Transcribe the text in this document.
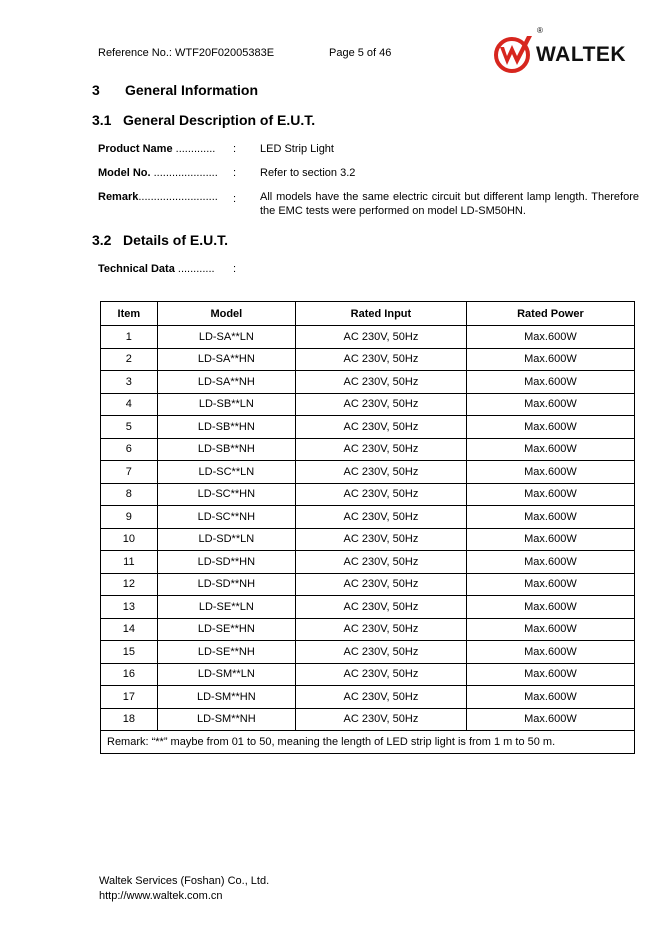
Reference No.: WTF20F02005383E	Page 5 of 46
®
WALTEK
3 General Information
3.1 General Description of E.U.T.
Product Name ............. : LED Strip Light
Model No. ..................... : Refer to section 3.2
Remark.......................... : All models have the same electric circuit but different lamp length. Therefore the EMC tests were performed on model LD-SM50HN.
3.2 Details of E.U.T.
Technical Data ............ :
Item	Model	Rated Input	Rated Power
1	LD-SA**LN	AC 230V, 50Hz	Max.600W
2	LD-SA**HN	AC 230V, 50Hz	Max.600W
3	LD-SA**NH	AC 230V, 50Hz	Max.600W
4	LD-SB**LN	AC 230V, 50Hz	Max.600W
5	LD-SB**HN	AC 230V, 50Hz	Max.600W
6	LD-SB**NH	AC 230V, 50Hz	Max.600W
7	LD-SC**LN	AC 230V, 50Hz	Max.600W
8	LD-SC**HN	AC 230V, 50Hz	Max.600W
9	LD-SC**NH	AC 230V, 50Hz	Max.600W
10	LD-SD**LN	AC 230V, 50Hz	Max.600W
11	LD-SD**HN	AC 230V, 50Hz	Max.600W
12	LD-SD**NH	AC 230V, 50Hz	Max.600W
13	LD-SE**LN	AC 230V, 50Hz	Max.600W
14	LD-SE**HN	AC 230V, 50Hz	Max.600W
15	LD-SE**NH	AC 230V, 50Hz	Max.600W
16	LD-SM**LN	AC 230V, 50Hz	Max.600W
17	LD-SM**HN	AC 230V, 50Hz	Max.600W
18	LD-SM**NH	AC 230V, 50Hz	Max.600W
Remark: “**” maybe from 01 to 50, meaning the length of LED strip light is from 1 m to 50 m.			
Waltek Services (Foshan) Co., Ltd.
http://www.waltek.com.cn
